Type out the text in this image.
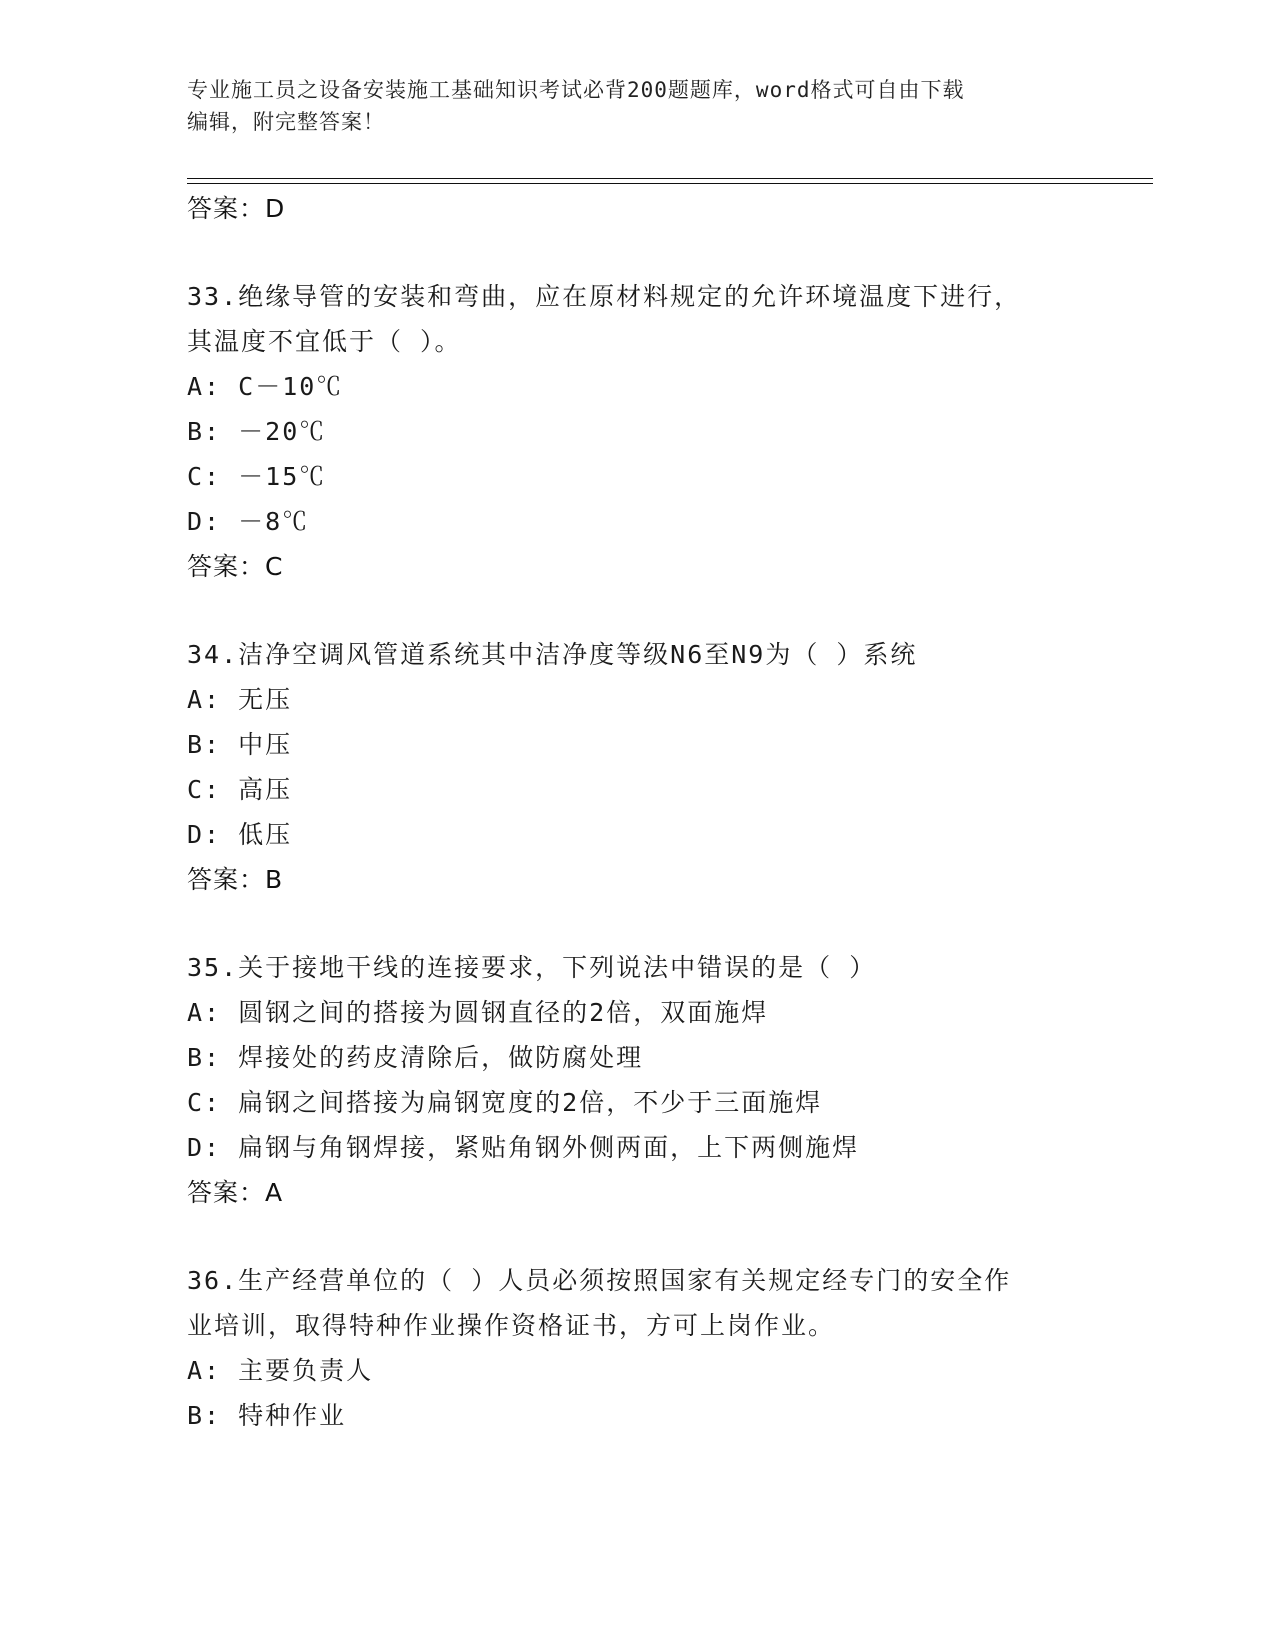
专业施工员之设备安装施工基础知识考试必背200题题库，word格式可自由下载
编辑，附完整答案！
答案：D
33.绝缘导管的安装和弯曲，应在原材料规定的允许环境温度下进行，
其温度不宜低于（ ）。
A: C－10℃
B: －20℃
C: －15℃
D: －8℃
答案：C
34.洁净空调风管道系统其中洁净度等级N6至N9为（ ）系统
A: 无压
B: 中压
C: 高压
D: 低压
答案：B
35.关于接地干线的连接要求，下列说法中错误的是（ ）
A: 圆钢之间的搭接为圆钢直径的2倍，双面施焊
B: 焊接处的药皮清除后，做防腐处理
C: 扁钢之间搭接为扁钢宽度的2倍，不少于三面施焊
D: 扁钢与角钢焊接，紧贴角钢外侧两面，上下两侧施焊
答案：A
36.生产经营单位的（ ）人员必须按照国家有关规定经专门的安全作
业培训，取得特种作业操作资格证书，方可上岗作业。
A: 主要负责人
B: 特种作业
